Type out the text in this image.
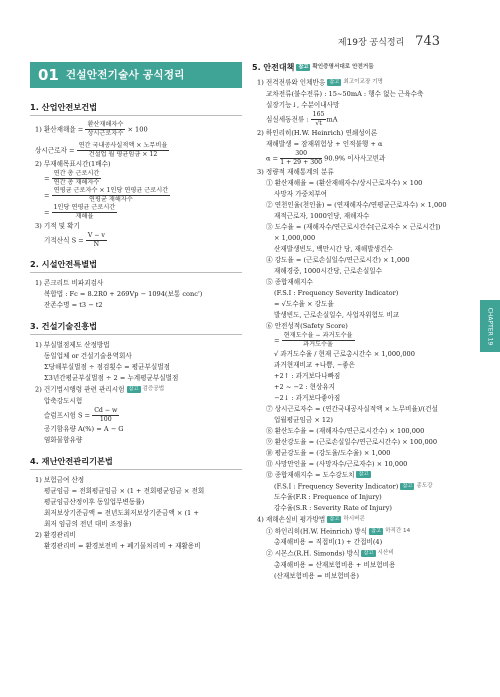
제19장 공식정리 743
CHAPTER 19
01 건설안전기술사 공식정리
1. 산업안전보건법
1) 환산재해율 = $\frac{\text{환산재해자수}}{\text{상시근로자수}} \times 100$
상시근로자 = $\frac{\text{연간 국내공사실적액 × 노무비율}}{\text{건설업 월 평균임금 × 12}}$
2) 무재해목표시간(1배수)
= $\frac{\text{연간 총 근로시간}}{\text{연간 총 재해자수}}$
= $\frac{\text{연평균 근로자수 × 1인당 연평균 근로시간}}{\text{연평균 재해자수}}$
= $\frac{\text{1인당 연평균 근로시간}}{\text{재해율}}$
3) 기적 및 확기
기적산식 $S = \frac{V - v}{N}$
2. 시설안전특별법
1) 콘크리트 비파괴검사
복합법 : Fc = 8.2R0 + 269Vp − 1094(보통 conc')
잔존수명 = t3 − t2
3. 건설기술진흥법
1) 부실벌점제도 산정방법
동일업체 or 건설기술용역회사
Σ당해부실벌점 ÷ 점검횟수 = 평균부실벌점
Σ3년간평균부실벌점 ÷ 2 = 누계평균부실벌점
2) 건기법시행령 관련 관리시험 참고 검증공법
압축강도시험
슬럼프시험 $S = \frac{Cd - w}{100}$
공기함유량 A(%) = A − G
염화물함유량
4. 재난안전관리기본법
1) 보험금여 산정
평균임금 = 전회평균임금 × (1 + 전회평균임금 × 전회
평균임금산정이후 동일업무변동률)
최저보상기준금액 = 전년도최저보상기준금액 × (1 +
최저 임금의 전년 대비 조정율)
2) 환경관리비
환경관리비 = 환경보전비 + 폐기물처리비 + 재활용비
5. 안전대책 참고 확인증명서대로 안전거둠
1) 전격전류와 인체반응 참고 최고이교장 기명
교차전류(불수전류) : 15~50mA : 행수 없는 근육수축
실장기능↓, 수분이내사망
심실세동전류 : $\frac{165}{√t}$ mA
2) 하인리히(H.W. Heinrich) 연쇄성이론
재해발생 = 잠재위험상 + 인적불행 + α
$\alpha = \frac{300}{1 + 29 + 300} 90.9\%$ 이사사고빈과
3) 정량적 재해통계의 분류
① 환산재해율 = (환산재해자수/상시근로자수) × 100
사망자 가중치부여
② 연천인율(천인율) = (연재해자수/연평균근로자수) × 1,000
재적근로자, 1000인당, 재해자수
③ 도수율 = (재해자수/연근로시간수[근로자수 × 근로시간])
× 1,000,000
산재발생빈도, 백만시간 당, 재해발생건수
④ 강도율 = (근로손실일수/연근로시간) × 1,000
재해경중, 1000시간당, 근로손실일수
⑤ 종합재해지수
(F.S.I : Frequency Severity Indicator)
= √도수율 × 강도율
발생빈도, 근로손실일수, 사업자위험도 비교
⑥ 안전성적(Safety Score)
= $\frac{\text{현재도수율 − 과거도수율}}{\text{과거도수율}}$
√ 과거도수율 / 현재 근로총시간수 × 1,000,000
과거현재비교 +나쁨, −좋은
+2↑ : 과거보다나빠짐
+2 ~ −2 : 현상유지
−2↓ : 과거보다좋아짐
⑦ 상시근로자수 = (연간국내공사실적액 × 노무비율)/(건설
업월평균임금 × 12)
⑧ 환산도수율 = (재해자수/연근로시간수) × 100,000
⑨ 환산강도율 = (근로손실일수/연근로시간수) × 100,000
⑩ 평균강도율 = (강도율/도수율) × 1,000
⑪ 사망만인율 = (사망자수/근로자수) × 10,000
⑫ 종합재해지수 = 도수강도치 참고
(F.S.I : Frequency Severity Indicator) 참고 종도강
도수율(F.R : Frequence of Injury)
강수율(S.R : Severity Rate of Injury)
4) 재해손실비 평가방법 참고 하시버콘
① 하인리히(H.W. Heinrich) 방식 참고 하직간 14
총재해비용 = 직접비(1) + 간접비(4)
② 시몬스(R.H. Simonds) 방식 참고 시산비
총재해비용 = 산재보험비용 + 비보험비용
(산재보험비용 = 비보험비용)
